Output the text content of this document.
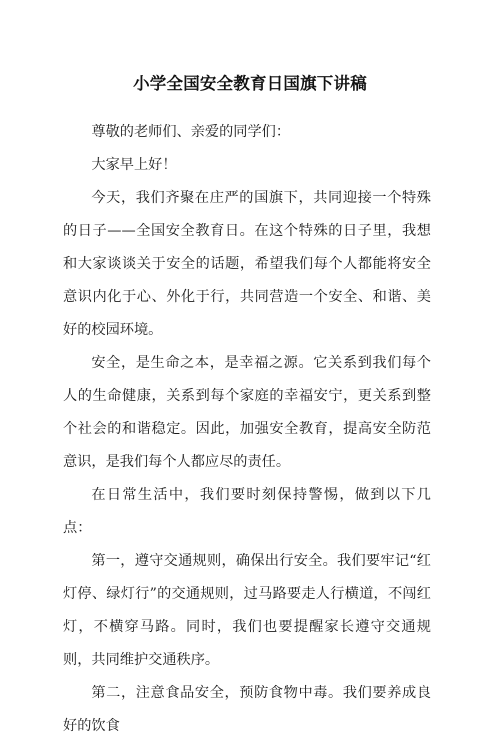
小学全国安全教育日国旗下讲稿

尊敬的老师们、亲爱的同学们：

大家早上好！

今天，我们齐聚在庄严的国旗下，共同迎接一个特殊的日子——全国安全教育日。在这个特殊的日子里，我想和大家谈谈关于安全的话题，希望我们每个人都能将安全意识内化于心、外化于行，共同营造一个安全、和谐、美好的校园环境。

安全，是生命之本，是幸福之源。它关系到我们每个人的生命健康，关系到每个家庭的幸福安宁，更关系到整个社会的和谐稳定。因此，加强安全教育，提高安全防范意识，是我们每个人都应尽的责任。

在日常生活中，我们要时刻保持警惕，做到以下几点：

第一，遵守交通规则，确保出行安全。我们要牢记“红灯停、绿灯行”的交通规则，过马路要走人行横道，不闯红灯，不横穿马路。同时，我们也要提醒家长遵守交通规则，共同维护交通秩序。

第二，注意食品安全，预防食物中毒。我们要养成良好的饮食
